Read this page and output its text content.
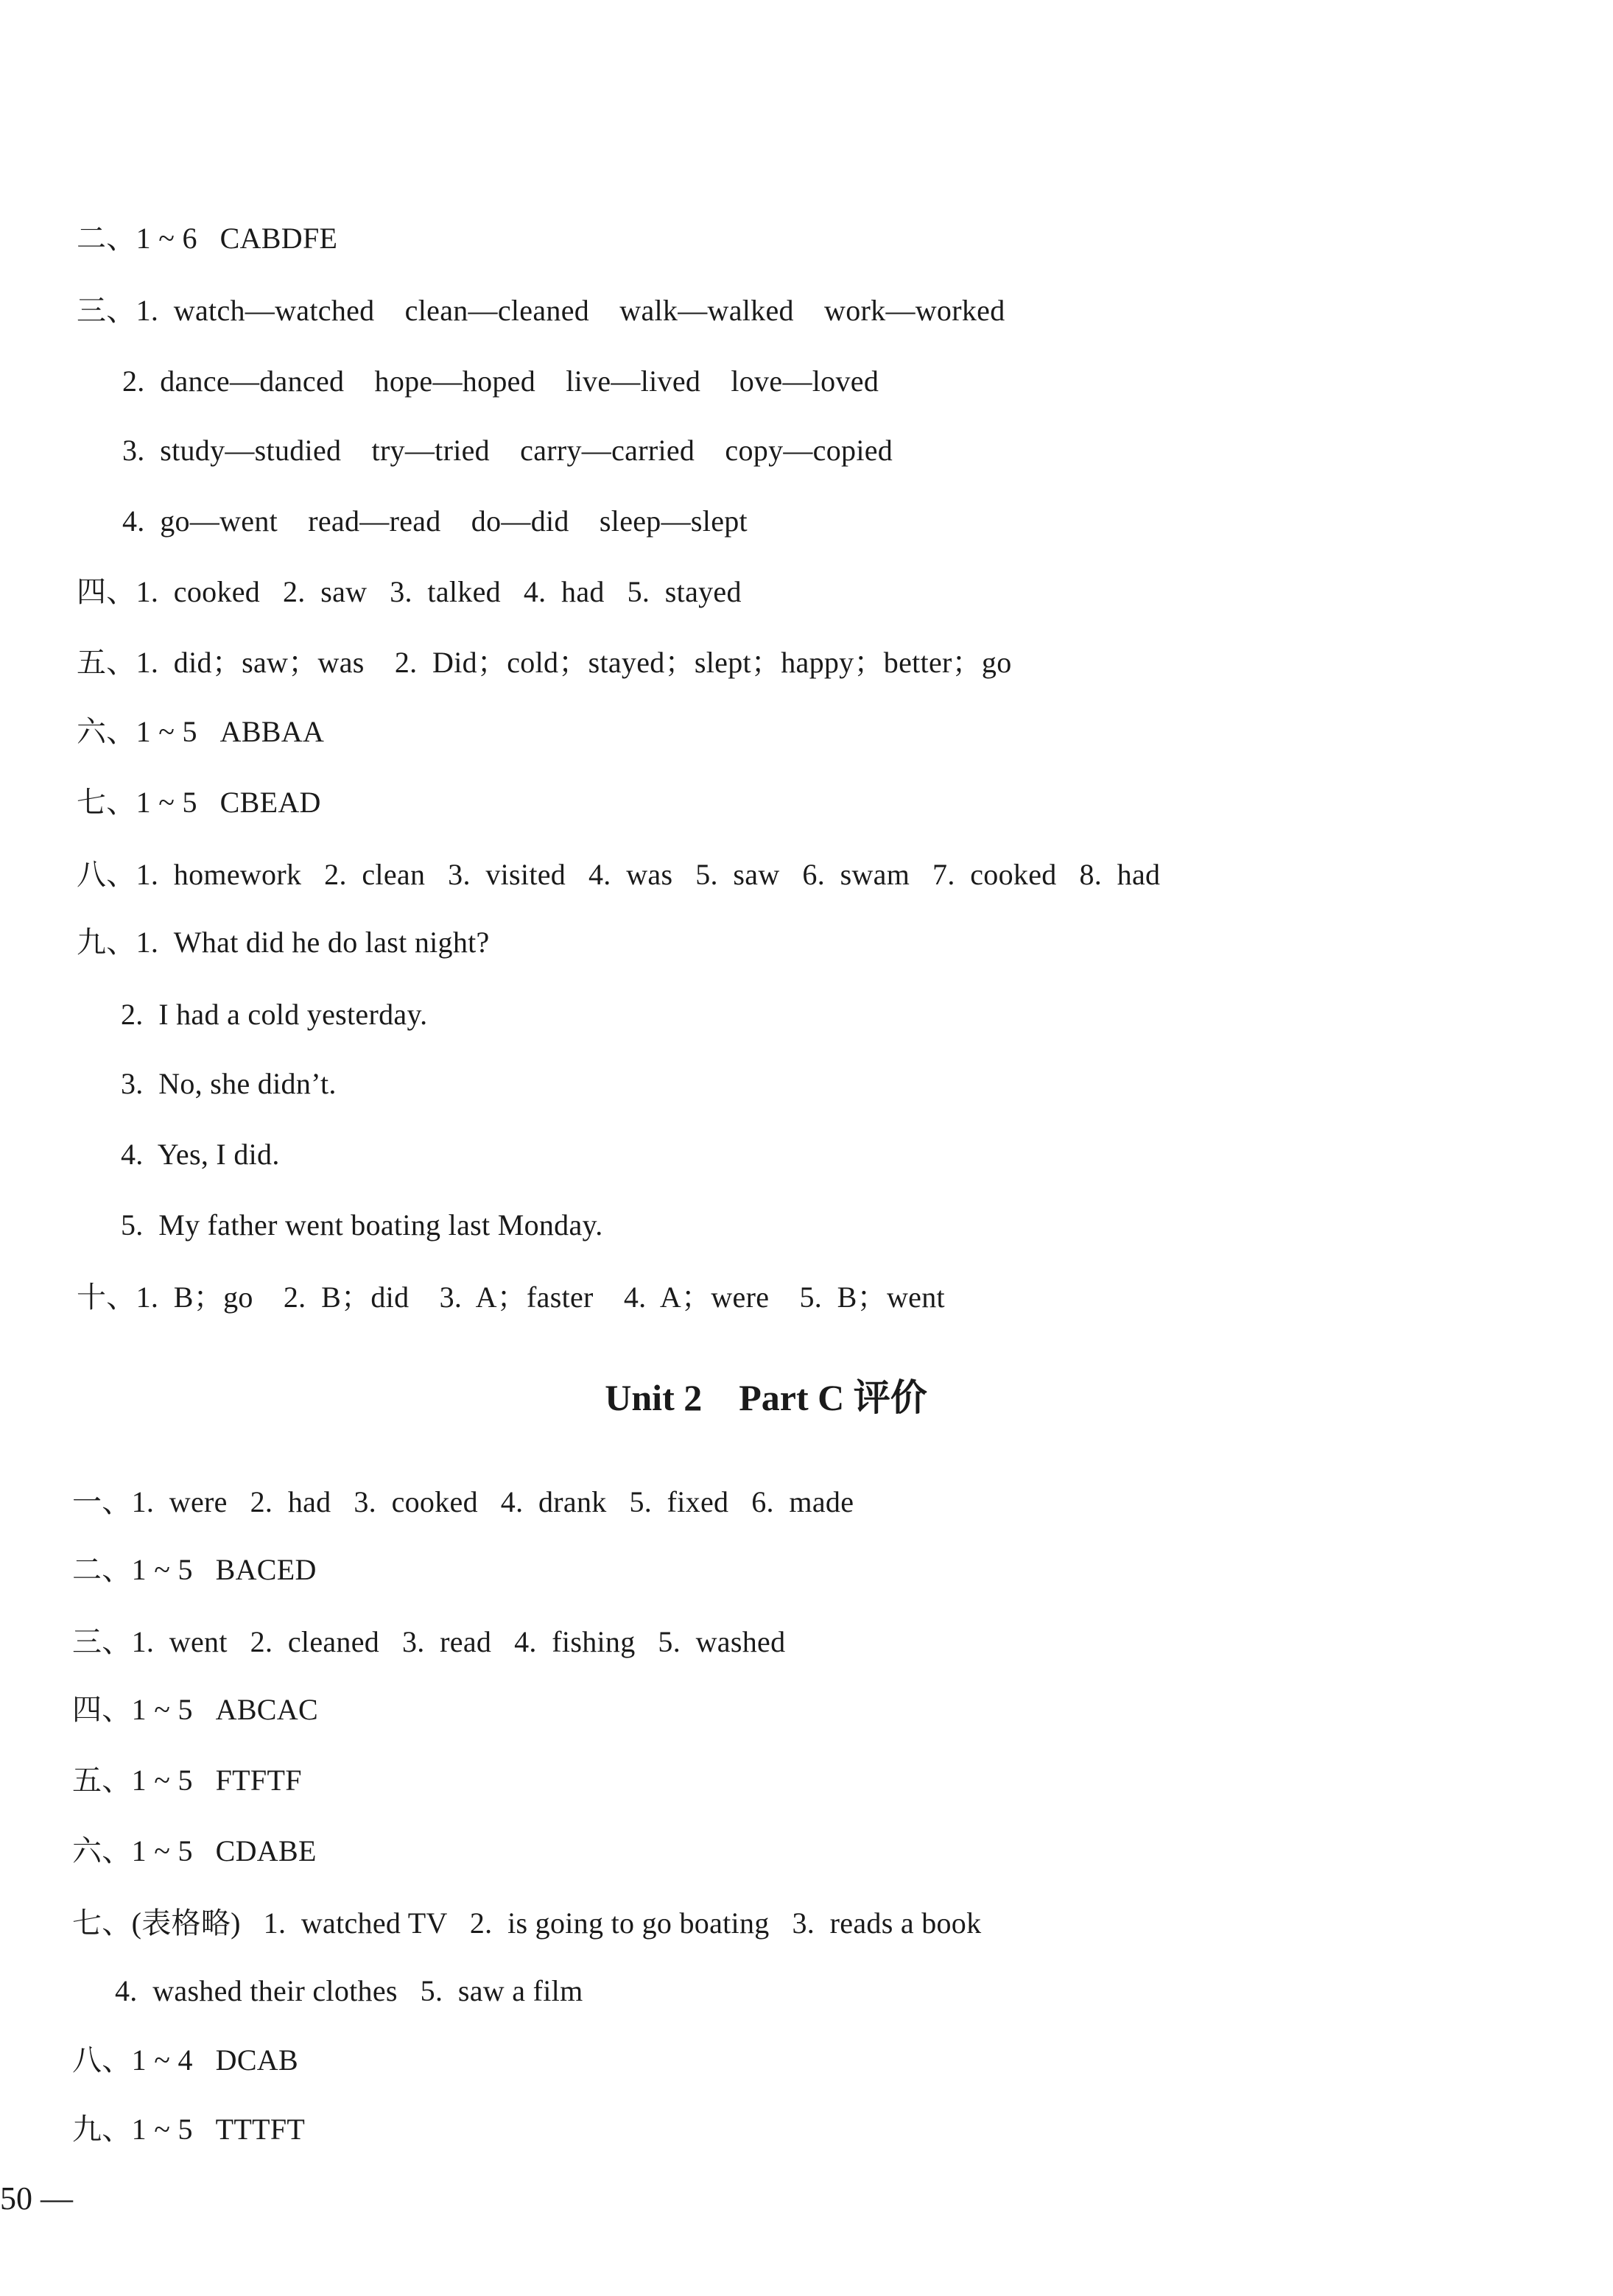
二、1 ~ 6   CABDFE
三、1.  watch—watched    clean—cleaned    walk—walked    work—worked
2.  dance—danced    hope—hoped    live—lived    love—loved
3.  study—studied    try—tried    carry—carried    copy—copied
4.  go—went    read—read    do—did    sleep—slept
四、1.  cooked   2.  saw   3.  talked   4.  had   5.  stayed
五、1.  did；saw；was    2.  Did；cold；stayed；slept；happy；better；go
六、1 ~ 5   ABBAA
七、1 ~ 5   CBEAD
八、1.  homework   2.  clean   3.  visited   4.  was   5.  saw   6.  swam   7.  cooked   8.  had
九、1.  What did he do last night?
2.  I had a cold yesterday.
3.  No, she didn’t.
4.  Yes, I did.
5.  My father went boating last Monday.
十、1.  B；go    2.  B；did    3.  A；faster    4.  A；were    5.  B；went
Unit 2    Part C 评价
一、1.  were   2.  had   3.  cooked   4.  drank   5.  fixed   6.  made
二、1 ~ 5   BACED
三、1.  went   2.  cleaned   3.  read   4.  fishing   5.  washed
四、1 ~ 5   ABCAC
五、1 ~ 5   FTFTF
六、1 ~ 5   CDABE
七、(表格略)   1.  watched TV   2.  is going to go boating   3.  reads a book
4.  washed their clothes   5.  saw a film
八、1 ~ 4   DCAB
九、1 ~ 5   TTTFT
50 —
